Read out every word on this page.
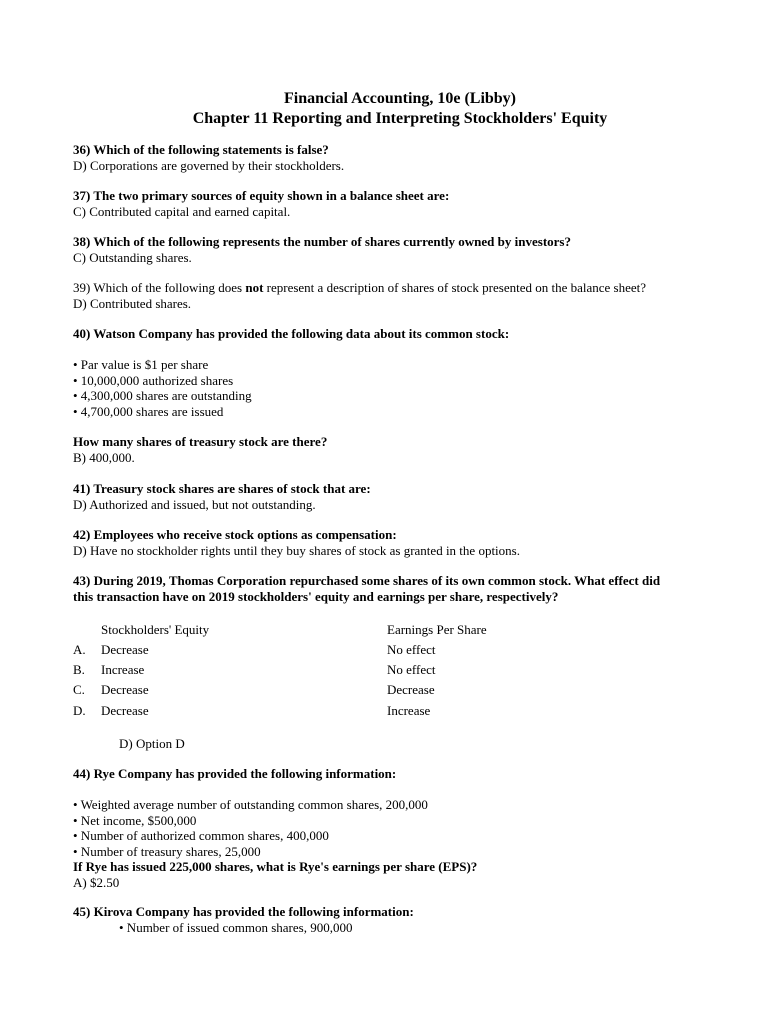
Financial Accounting, 10e (Libby)
Chapter 11 Reporting and Interpreting Stockholders' Equity
36) Which of the following statements is false?
D) Corporations are governed by their stockholders.
37) The two primary sources of equity shown in a balance sheet are:
C) Contributed capital and earned capital.
38) Which of the following represents the number of shares currently owned by investors?
C) Outstanding shares.
39) Which of the following does not represent a description of shares of stock presented on the balance sheet?
D) Contributed shares.
40) Watson Company has provided the following data about its common stock:
• Par value is $1 per share
• 10,000,000 authorized shares
• 4,300,000 shares are outstanding
• 4,700,000 shares are issued
How many shares of treasury stock are there?
B) 400,000.
41) Treasury stock shares are shares of stock that are:
D) Authorized and issued, but not outstanding.
42) Employees who receive stock options as compensation:
D) Have no stockholder rights until they buy shares of stock as granted in the options.
43) During 2019, Thomas Corporation repurchased some shares of its own common stock. What effect did
this transaction have on 2019 stockholders' equity and earnings per share, respectively?
Stockholders' Equity	Earnings Per Share
A. Decrease	No effect
B. Increase	No effect
C. Decrease	Decrease
D. Decrease	Increase
D) Option D
44) Rye Company has provided the following information:
• Weighted average number of outstanding common shares, 200,000
• Net income, $500,000
• Number of authorized common shares, 400,000
• Number of treasury shares, 25,000
If Rye has issued 225,000 shares, what is Rye's earnings per share (EPS)?
A) $2.50
45) Kirova Company has provided the following information:
• Number of issued common shares, 900,000
